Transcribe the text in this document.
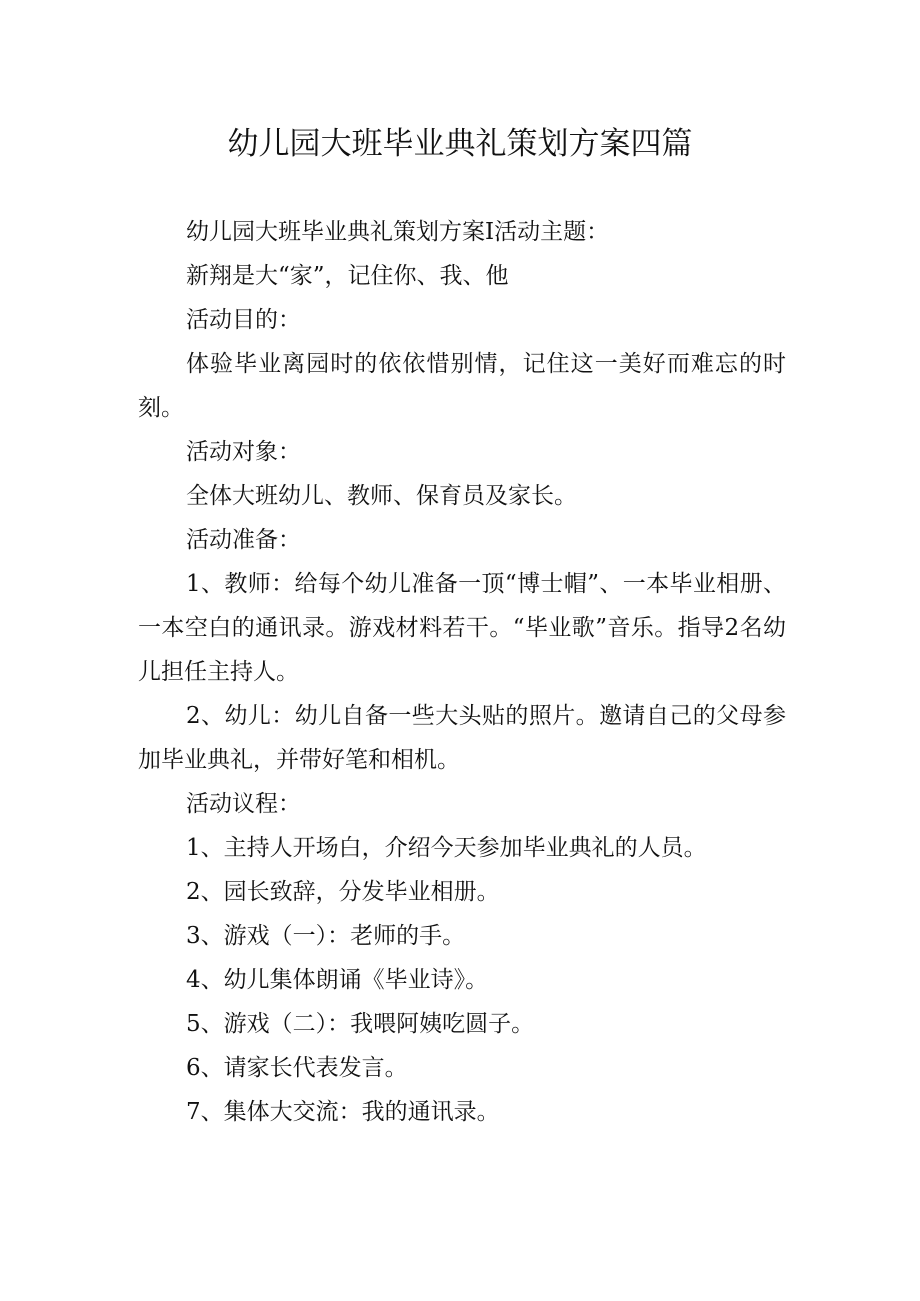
幼儿园大班毕业典礼策划方案四篇

幼儿园大班毕业典礼策划方案Ⅰ活动主题：

新翔是大“家”，记住你、我、他

活动目的：

体验毕业离园时的依依惜别情，记住这一美好而难忘的时刻。

活动对象：

全体大班幼儿、教师、保育员及家长。

活动准备：

1、教师：给每个幼儿准备一顶“博士帽”、一本毕业相册、一本空白的通讯录。游戏材料若干。“毕业歌”音乐。指导2名幼儿担任主持人。

2、幼儿：幼儿自备一些大头贴的照片。邀请自己的父母参加毕业典礼，并带好笔和相机。

活动议程：

1、主持人开场白，介绍今天参加毕业典礼的人员。

2、园长致辞，分发毕业相册。

3、游戏（一）：老师的手。

4、幼儿集体朗诵《毕业诗》。

5、游戏（二）：我喂阿姨吃圆子。

6、请家长代表发言。

7、集体大交流：我的通讯录。
